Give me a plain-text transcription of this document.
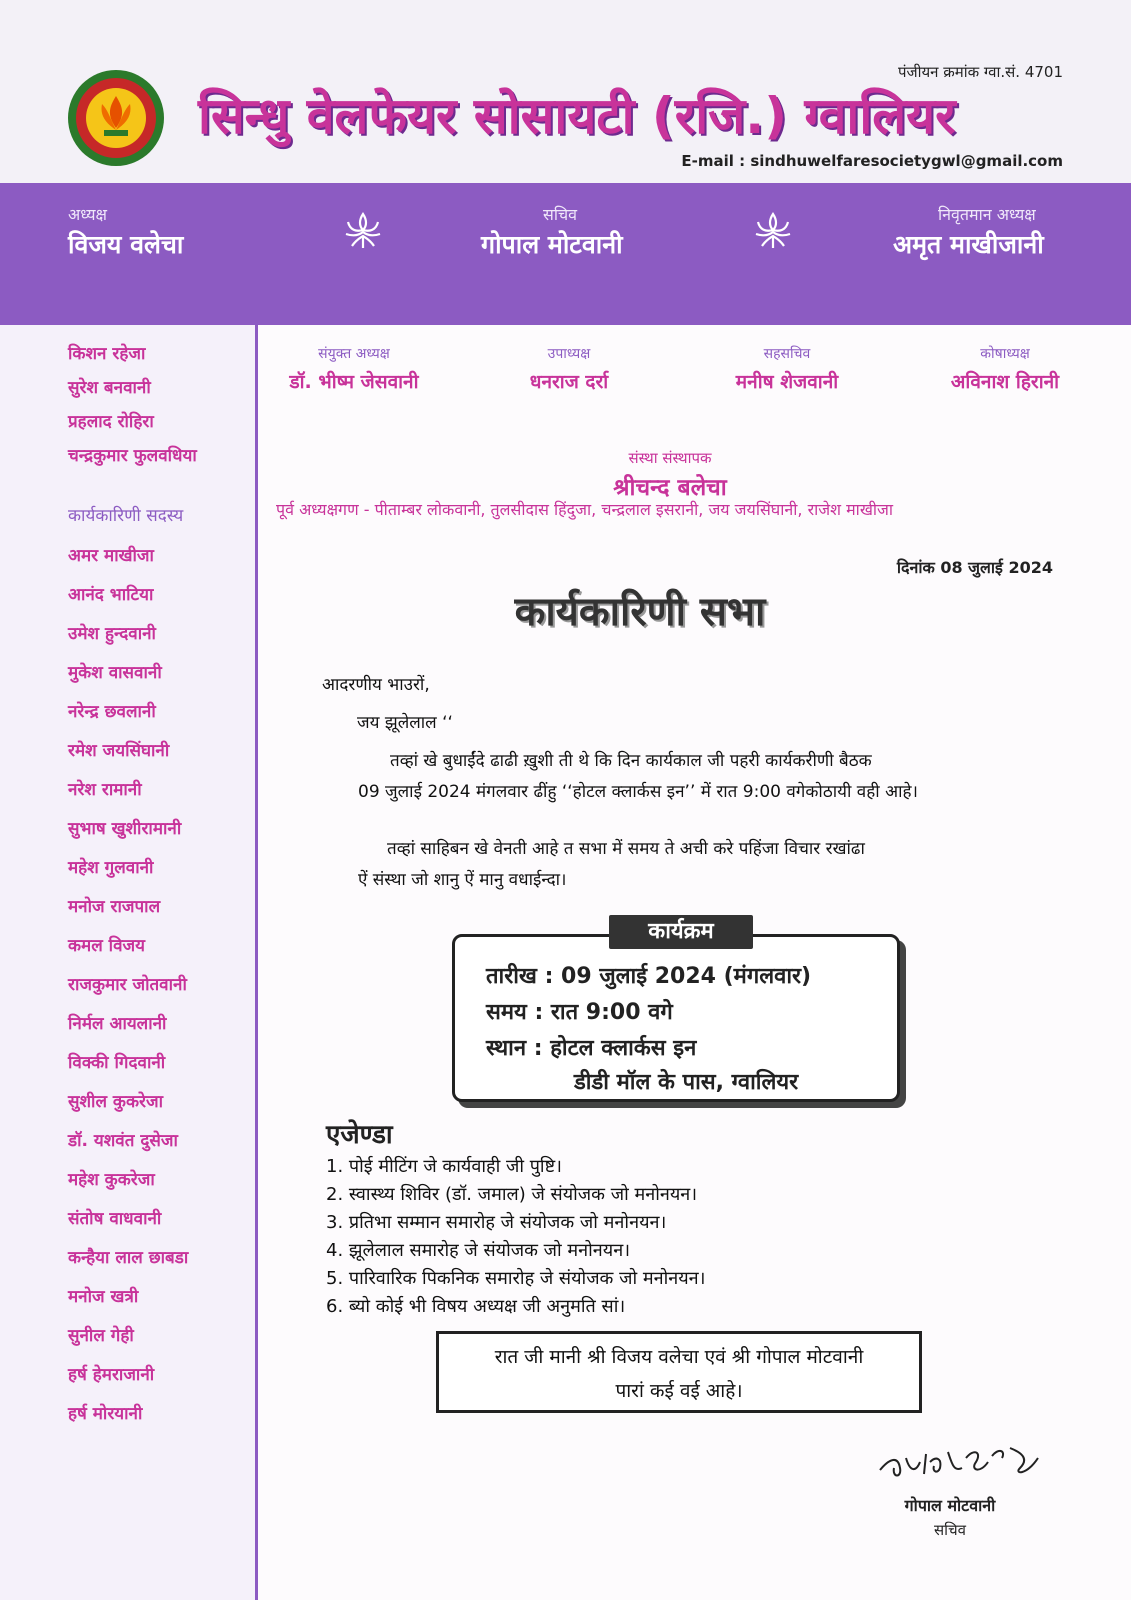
पंजीयन क्रमांक ग्वा.सं. 4701
सिन्धु वेलफेयर सोसायटी (रजि.) ग्वालियर
E-mail : sindhuwelfaresocietygwl@gmail.com
अध्यक्ष
विजय वलेचा
सचिव
गोपाल मोटवानी
निवृतमान अध्यक्ष
अमृत माखीजानी
किशन रहेजा
सुरेश बनवानी
प्रहलाद रोहिरा
चन्द्रकुमार फुलवधिया
कार्यकारिणी सदस्य
अमर माखीजा
आनंद भाटिया
उमेश हुन्दवानी
मुकेश वासवानी
नरेन्द्र छवलानी
रमेश जयसिंघानी
नरेश रामानी
सुभाष खुशीरामानी
महेश गुलवानी
मनोज राजपाल
कमल विजय
राजकुमार जोतवानी
निर्मल आयलानी
विक्की गिदवानी
सुशील कुकरेजा
डॉ. यशवंत दुसेजा
महेश कुकरेजा
संतोष वाधवानी
कन्हैया लाल छाबडा
मनोज खत्री
सुनील गेही
हर्ष हेमराजानी
हर्ष मोरयानी
संयुक्त अध्यक्ष
डॉ. भीष्म जेसवानी
उपाध्यक्ष
धनराज दर्रा
सहसचिव
मनीष शेजवानी
कोषाध्यक्ष
अविनाश हिरानी
संस्था संस्थापक
श्रीचन्द बलेचा
पूर्व अध्यक्षगण - पीताम्बर लोकवानी, तुलसीदास हिंदुजा, चन्द्रलाल इसरानी, जय जयसिंघानी, राजेश माखीजा
दिनांक 08 जुलाई 2024
कार्यकारिणी सभा
आदरणीय भाउरों,
जय झूलेलाल ‘‘
तव्हां खे बुधाईंदे ढाढी ख़ुशी ती थे कि दिन कार्यकाल जी पहरी कार्यकरीणी बैठक
09 जुलाई 2024 मंगलवार ढींहु ‘‘होटल क्लार्कस इन’’ में रात 9:00 वगेकोठायी वही आहे।
तव्हां साहिबन खे वेनती आहे त सभा में समय ते अची करे पहिंजा विचार रखांढा
ऐं संस्था जो शानु ऐं मानु वधाईन्दा।
कार्यक्रम
तारीख : 09 जुलाई 2024 (मंगलवार)
समय : रात 9:00 वगे
स्थान : होटल क्लार्कस इन
डीडी मॉल के पास, ग्वालियर
एजेण्डा
1. पोई मीटिंग जे कार्यवाही जी पुष्टि।
2. स्वास्थ्य शिविर (डॉ. जमाल) जे संयोजक जो मनोनयन।
3. प्रतिभा सम्मान समारोह जे संयोजक जो मनोनयन।
4. झूलेलाल समारोह जे संयोजक जो मनोनयन।
5. पारिवारिक पिकनिक समारोह जे संयोजक जो मनोनयन।
6. ब्यो कोई भी विषय अध्यक्ष जी अनुमति सां।
रात जी मानी श्री विजय वलेचा एवं श्री गोपाल मोटवानी
पारां कई वई आहे।
गोपाल मोटवानी
सचिव
